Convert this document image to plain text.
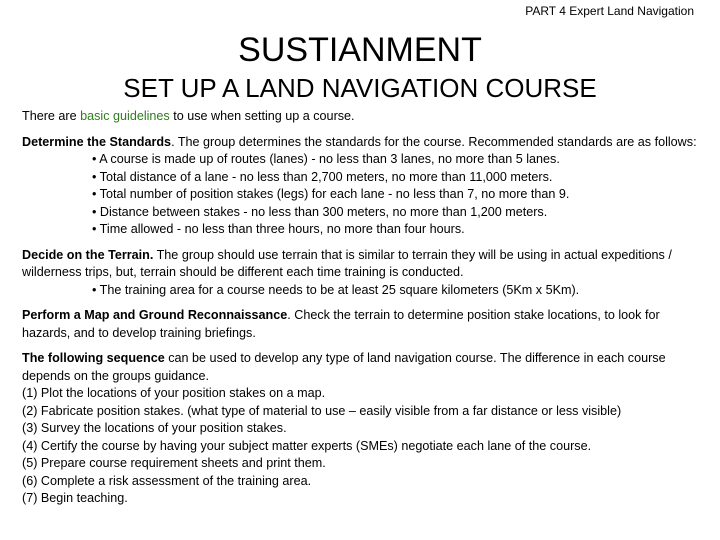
PART 4 Expert Land Navigation
SUSTIANMENT
SET UP A LAND NAVIGATION COURSE

There are basic guidelines to use when setting up a course.

Determine the Standards. The group determines the standards for the course. Recommended standards are as follows:

• A course is made up of routes (lanes) - no less than 3 lanes, no more than 5 lanes.
• Total distance of a lane - no less than 2,700 meters, no more than 11,000 meters.
• Total number of position stakes (legs) for each lane - no less than 7, no more than 9.
• Distance between stakes - no less than 300 meters, no more than 1,200 meters.
• Time allowed - no less than three hours, no more than four hours.

Decide on the Terrain. The group should use terrain that is similar to terrain they will be using in actual expeditions / wilderness trips, but, terrain should be different each time training is conducted.

• The training area for a course needs to be at least 25 square kilometers (5Km x 5Km).

Perform a Map and Ground Reconnaissance. Check the terrain to determine position stake locations, to look for hazards, and to develop training briefings.

The following sequence can be used to develop any type of land navigation course. The difference in each course depends on the groups guidance.

(1) Plot the locations of your position stakes on a map.
(2) Fabricate position stakes. (what type of material to use – easily visible from a far distance or less visible)
(3) Survey the locations of your position stakes.
(4) Certify the course by having your subject matter experts (SMEs) negotiate each lane of the course.
(5) Prepare course requirement sheets and print them.
(6) Complete a risk assessment of the training area.
(7) Begin teaching.
